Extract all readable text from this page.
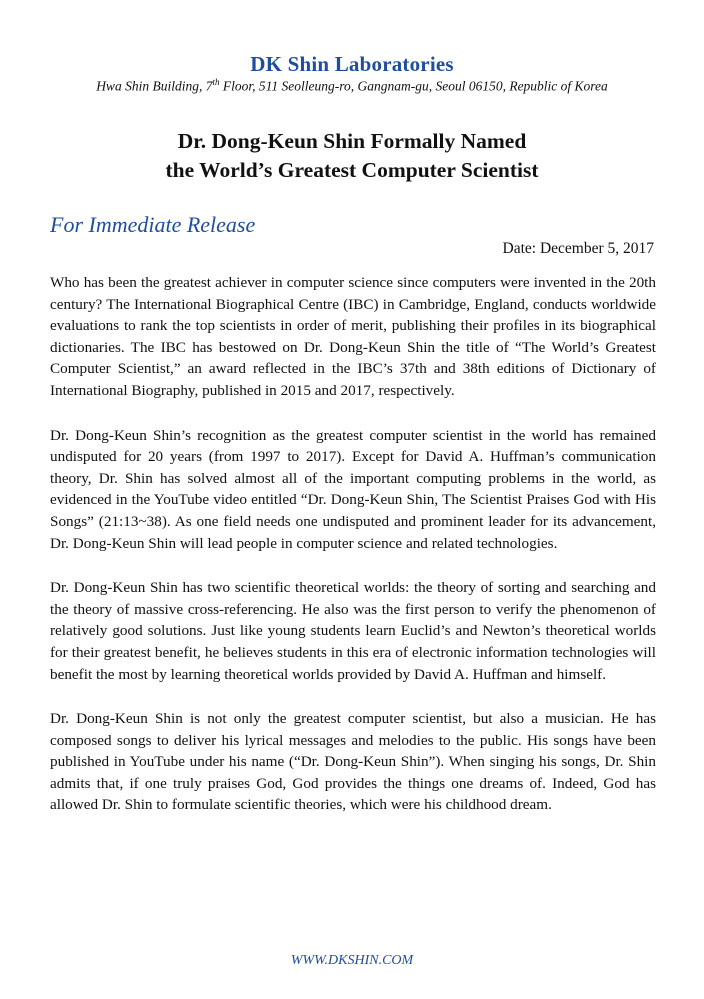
DK Shin Laboratories
Hwa Shin Building, 7th Floor, 511 Seolleung-ro, Gangnam-gu, Seoul 06150, Republic of Korea
Dr. Dong-Keun Shin Formally Named
the World’s Greatest Computer Scientist
For Immediate Release
Date: December 5, 2017

Who has been the greatest achiever in computer science since computers were invented in the 20th century? The International Biographical Centre (IBC) in Cambridge, England, conducts worldwide evaluations to rank the top scientists in order of merit, publishing their profiles in its biographical dictionaries. The IBC has bestowed on Dr. Dong-Keun Shin the title of “The World’s Greatest Computer Scientist,” an award reflected in the IBC’s 37th and 38th editions of Dictionary of International Biography, published in 2015 and 2017, respectively.

Dr. Dong-Keun Shin’s recognition as the greatest computer scientist in the world has remained undisputed for 20 years (from 1997 to 2017). Except for David A. Huffman’s communication theory, Dr. Shin has solved almost all of the important computing problems in the world, as evidenced in the YouTube video entitled “Dr. Dong-Keun Shin, The Scientist Praises God with His Songs” (21:13~38). As one field needs one undisputed and prominent leader for its advancement, Dr. Dong-Keun Shin will lead people in computer science and related technologies.

Dr. Dong-Keun Shin has two scientific theoretical worlds: the theory of sorting and searching and the theory of massive cross-referencing. He also was the first person to verify the phenomenon of relatively good solutions. Just like young students learn Euclid’s and Newton’s theoretical worlds for their greatest benefit, he believes students in this era of electronic information technologies will benefit the most by learning theoretical worlds provided by David A. Huffman and himself.

Dr. Dong-Keun Shin is not only the greatest computer scientist, but also a musician. He has composed songs to deliver his lyrical messages and melodies to the public. His songs have been published in YouTube under his name (“Dr. Dong-Keun Shin”). When singing his songs, Dr. Shin admits that, if one truly praises God, God provides the things one dreams of. Indeed, God has allowed Dr. Shin to formulate scientific theories, which were his childhood dream.

WWW.DKSHIN.COM
